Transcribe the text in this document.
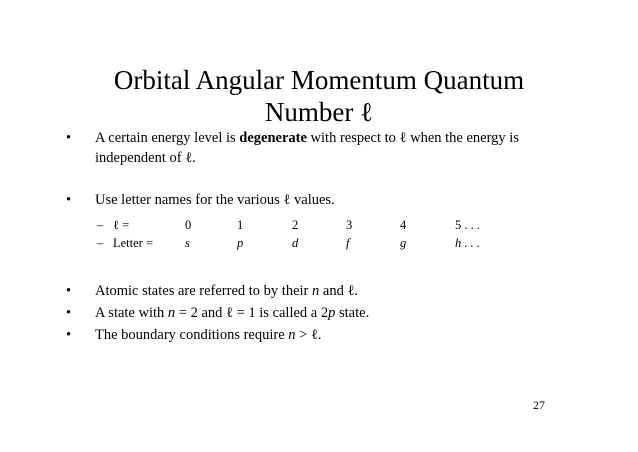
Orbital Angular Momentum Quantum
Number ℓ
• A certain energy level is degenerate with respect to ℓ when the energy is
independent of ℓ.
• Use letter names for the various ℓ values.
– ℓ =	0	1	2	3	4	5 . . .
– Letter =	s	p	d	f	g	h . . .
• Atomic states are referred to by their n and ℓ.
• A state with n = 2 and ℓ = 1 is called a 2p state.
• The boundary conditions require n > ℓ.
27
